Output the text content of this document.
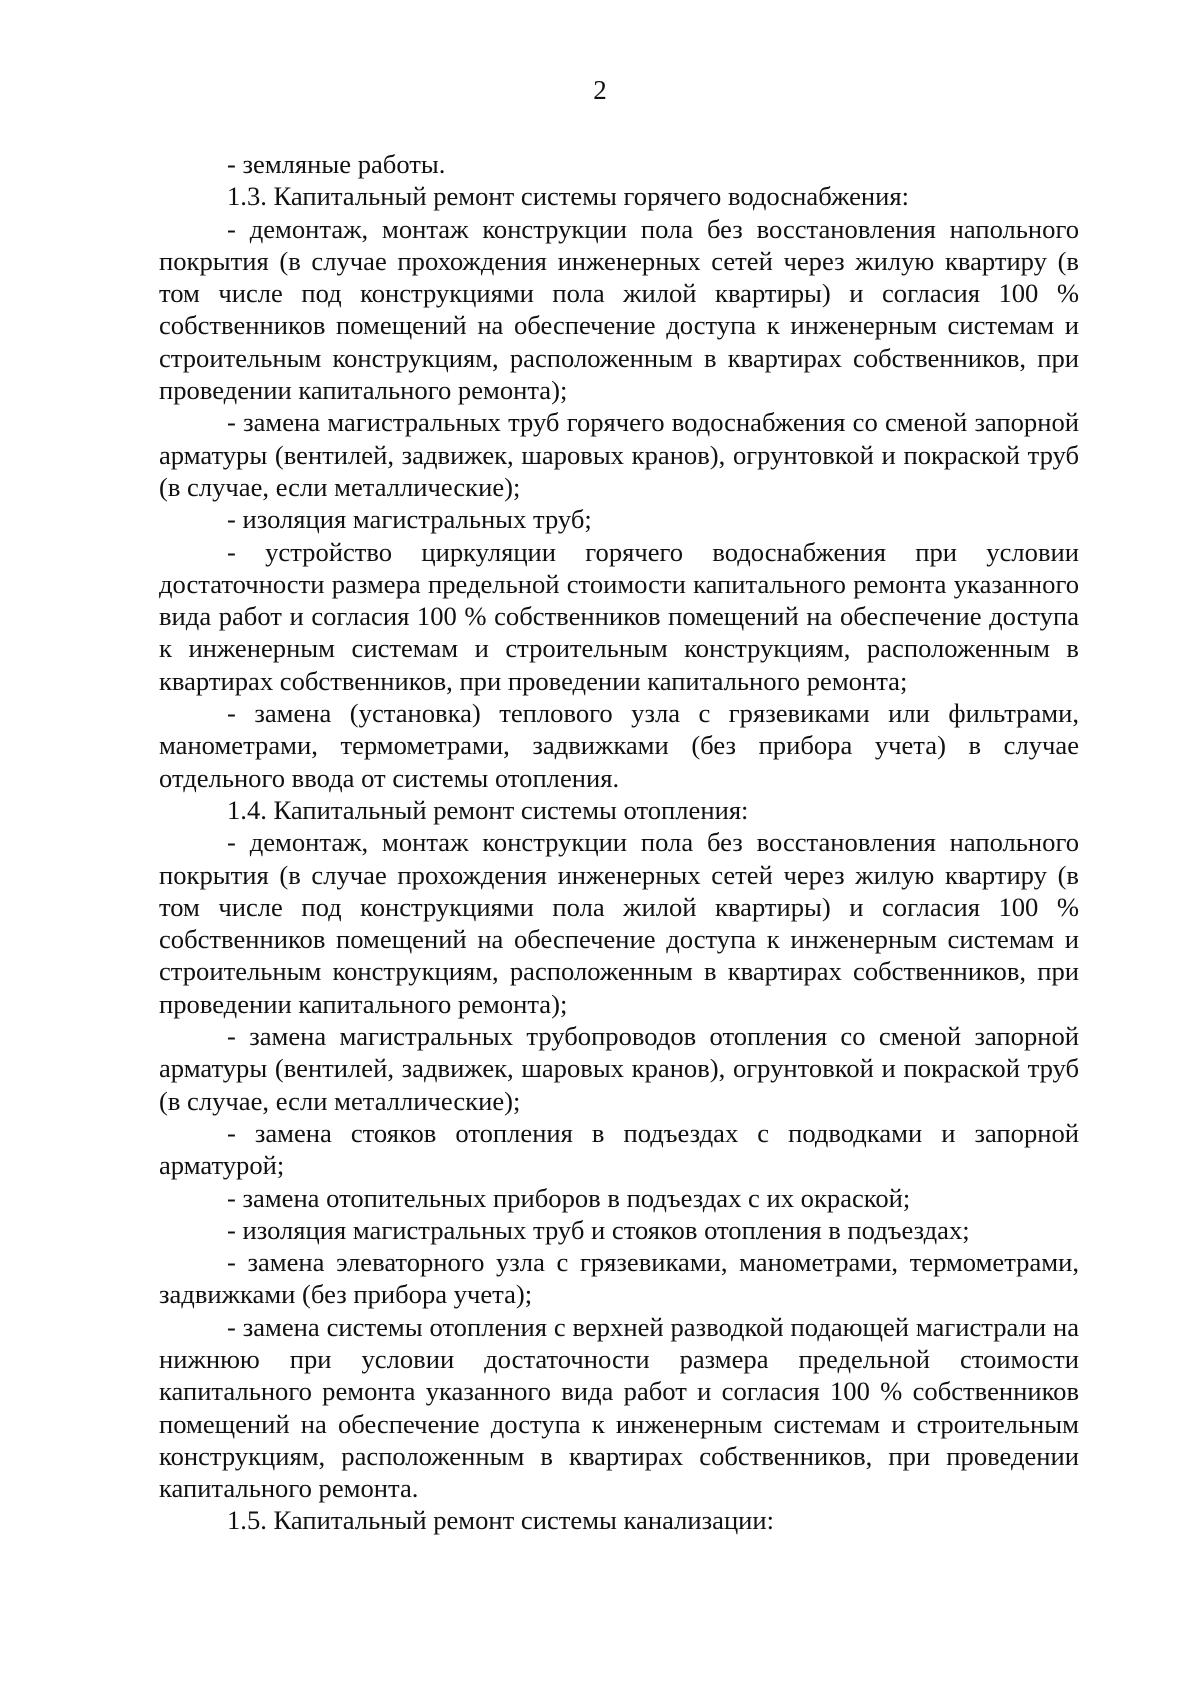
2

- земляные работы.

1.3. Капитальный ремонт системы горячего водоснабжения:

- демонтаж, монтаж конструкции пола без восстановления напольного покрытия (в случае прохождения инженерных сетей через жилую квартиру (в том числе под конструкциями пола жилой квартиры) и согласия 100 % собственников помещений на обеспечение доступа к инженерным системам и строительным конструкциям, расположенным в квартирах собственников, при проведении капитального ремонта);

- замена магистральных труб горячего водоснабжения со сменой запорной арматуры (вентилей, задвижек, шаровых кранов), огрунтовкой и покраской труб (в случае, если металлические);

- изоляция магистральных труб;

- устройство циркуляции горячего водоснабжения при условии достаточности размера предельной стоимости капитального ремонта указанного вида работ и согласия 100 % собственников помещений на обеспечение доступа к инженерным системам и строительным конструкциям, расположенным в квартирах собственников, при проведении капитального ремонта;

- замена (установка) теплового узла с грязевиками или фильтрами, манометрами, термометрами, задвижками (без прибора учета) в случае отдельного ввода от системы отопления.

1.4. Капитальный ремонт системы отопления:

- демонтаж, монтаж конструкции пола без восстановления напольного покрытия (в случае прохождения инженерных сетей через жилую квартиру (в том числе под конструкциями пола жилой квартиры) и согласия 100 % собственников помещений на обеспечение доступа к инженерным системам и строительным конструкциям, расположенным в квартирах собственников, при проведении капитального ремонта);

- замена магистральных трубопроводов отопления со сменой запорной арматуры (вентилей, задвижек, шаровых кранов), огрунтовкой и покраской труб (в случае, если металлические);

- замена стояков отопления в подъездах с подводками и запорной арматурой;

- замена отопительных приборов в подъездах с их окраской;

- изоляция магистральных труб и стояков отопления в подъездах;

- замена элеваторного узла с грязевиками, манометрами, термометрами, задвижками (без прибора учета);

- замена системы отопления с верхней разводкой подающей магистрали на нижнюю при условии достаточности размера предельной стоимости капитального ремонта указанного вида работ и согласия 100 % собственников помещений на обеспечение доступа к инженерным системам и строительным конструкциям, расположенным в квартирах собственников, при проведении капитального ремонта.

1.5. Капитальный ремонт системы канализации:
